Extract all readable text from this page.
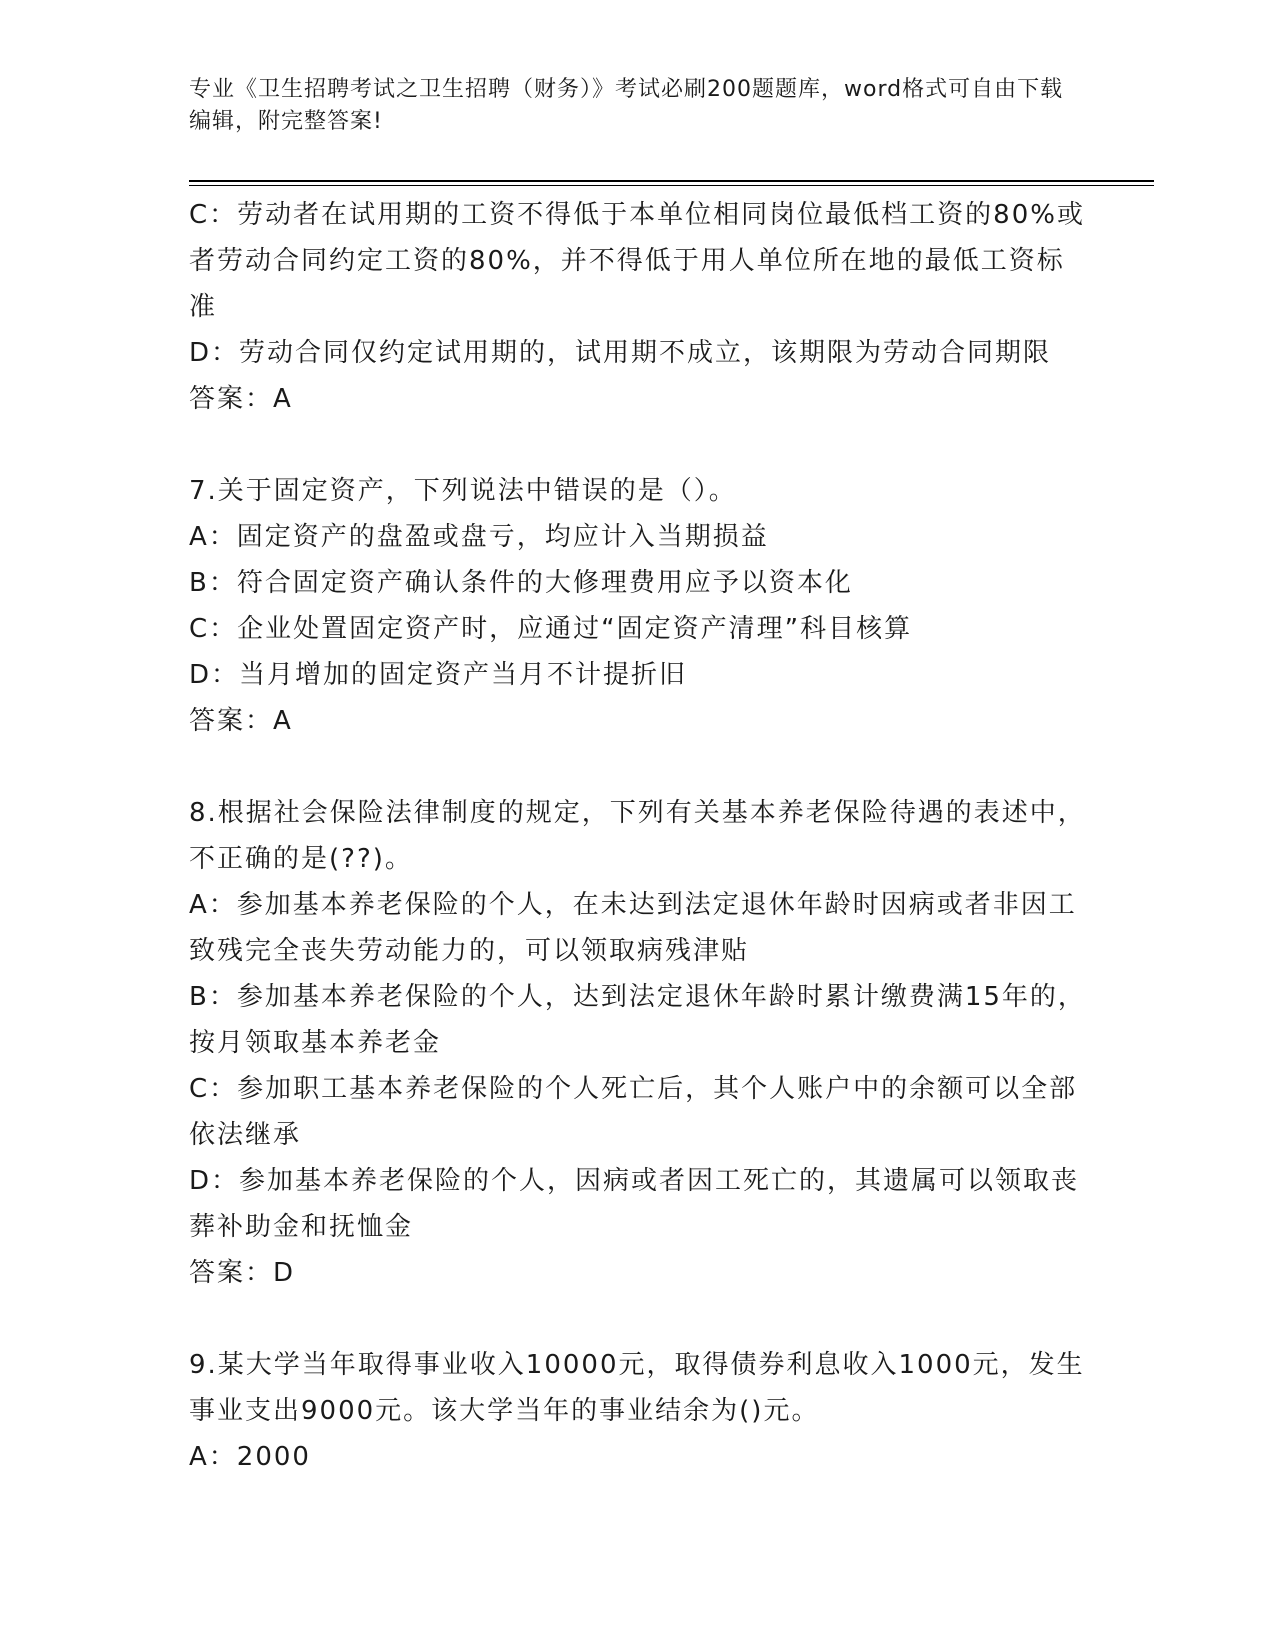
专业《卫生招聘考试之卫生招聘（财务）》考试必刷200题题库，word格式可自由下载编辑，附完整答案!

C：劳动者在试用期的工资不得低于本单位相同岗位最低档工资的80%或者劳动合同约定工资的80%，并不得低于用人单位所在地的最低工资标准

D：劳动合同仅约定试用期的，试用期不成立，该期限为劳动合同期限

答案：A

7.关于固定资产，下列说法中错误的是（）。

A：固定资产的盘盈或盘亏，均应计入当期损益

B：符合固定资产确认条件的大修理费用应予以资本化

C：企业处置固定资产时，应通过“固定资产清理”科目核算

D：当月增加的固定资产当月不计提折旧

答案：A

8.根据社会保险法律制度的规定，下列有关基本养老保险待遇的表述中，不正确的是(??)。

A：参加基本养老保险的个人，在未达到法定退休年龄时因病或者非因工致残完全丧失劳动能力的，可以领取病残津贴

B：参加基本养老保险的个人，达到法定退休年龄时累计缴费满15年的，按月领取基本养老金

C：参加职工基本养老保险的个人死亡后，其个人账户中的余额可以全部依法继承

D：参加基本养老保险的个人，因病或者因工死亡的，其遗属可以领取丧葬补助金和抚恤金

答案：D

9.某大学当年取得事业收入10000元，取得债券利息收入1000元，发生事业支出9000元。该大学当年的事业结余为()元。

A：2000
